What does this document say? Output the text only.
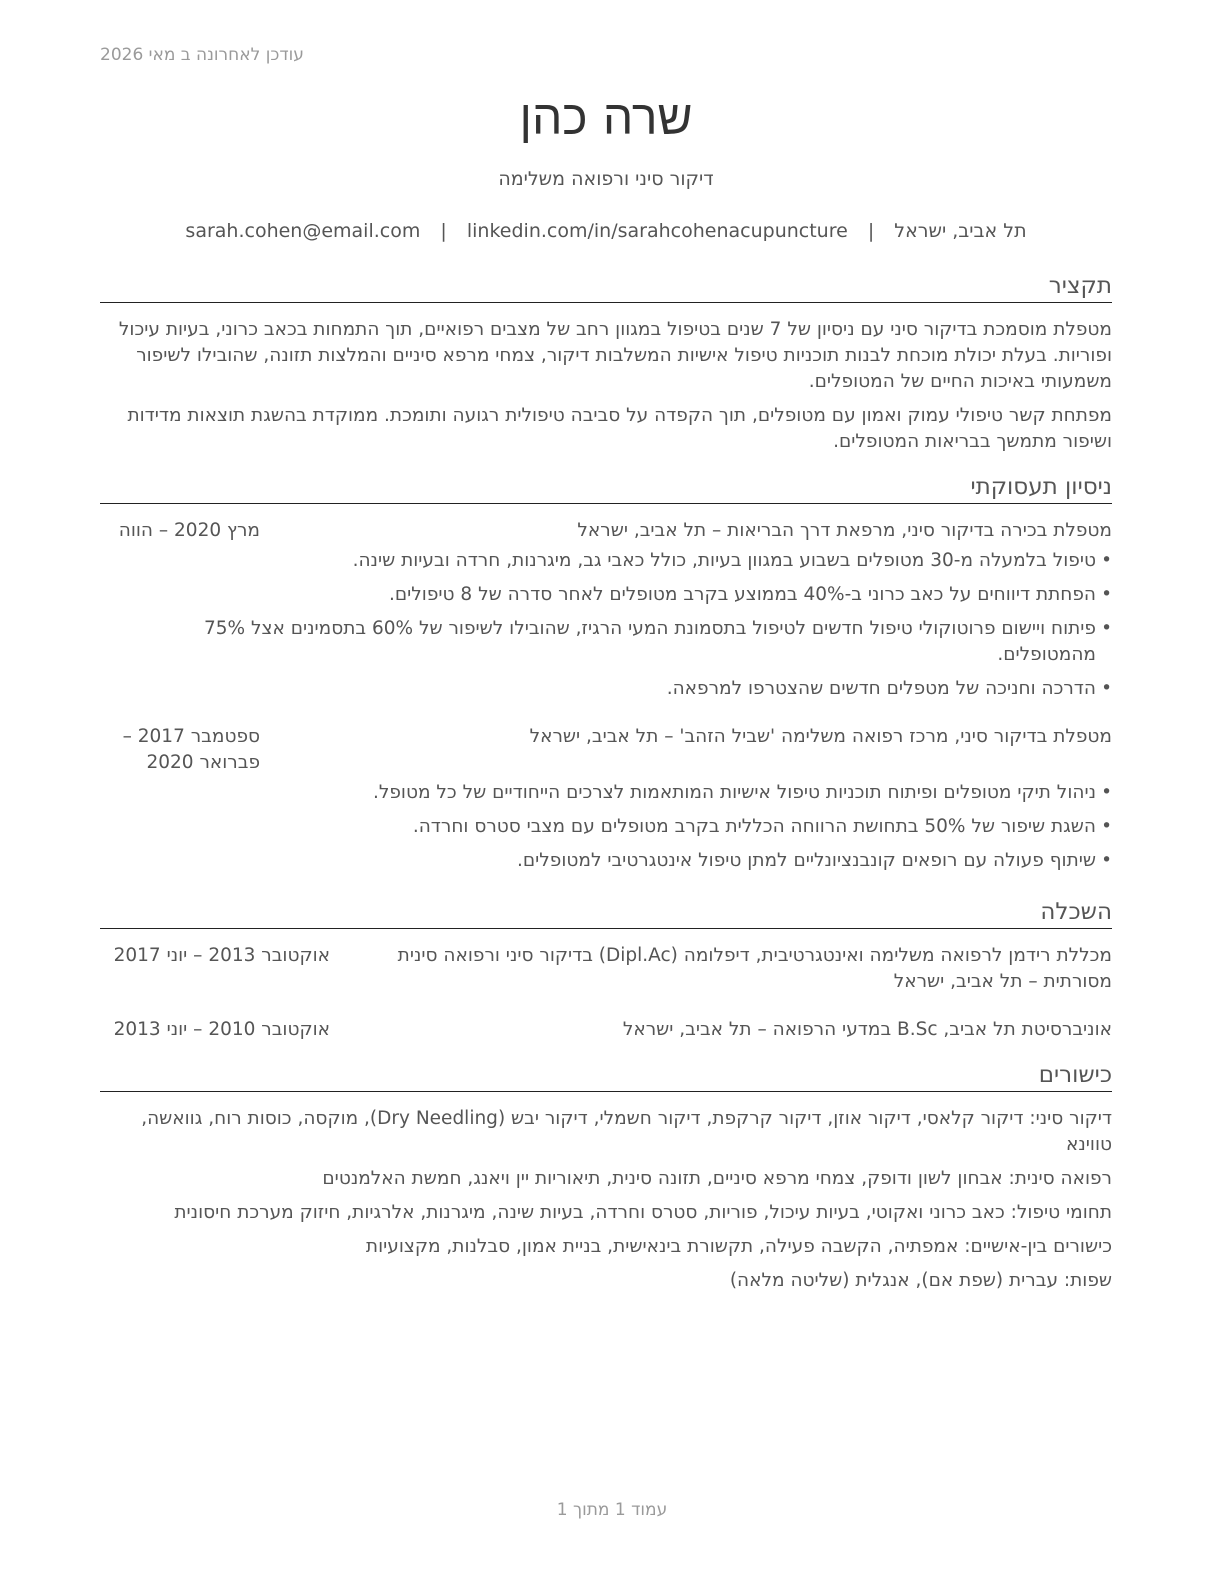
עודכן לאחרונה ב מאי 2026
שרה כהן
דיקור סיני ורפואה משלימה
תל אביב, ישראל | sarah.cohen@email.com | linkedin.com/in/sarahcohenacupuncture
תקציר

מטפלת מוסמכת בדיקור סיני עם ניסיון של 7 שנים בטיפול במגוון רחב של מצבים רפואיים, תוך התמחות בכאב כרוני, בעיות עיכול ופוריות. בעלת יכולת מוכחת לבנות תוכניות טיפול אישיות המשלבות דיקור, צמחי מרפא סיניים והמלצות תזונה, שהובילו לשיפור משמעותי באיכות החיים של המטופלים.

מפתחת קשר טיפולי עמוק ואמון עם מטופלים, תוך הקפדה על סביבה טיפולית רגועה ותומכת. ממוקדת בהשגת תוצאות מדידות ושיפור מתמשך בבריאות המטופלים.

ניסיון תעסוקתי
מטפלת בכירה בדיקור סיני, מרפאת דרך הבריאות – תל אביב, ישראל
מרץ 2020 – הווה
• טיפול בלמעלה מ-30 מטופלים בשבוע במגוון בעיות, כולל כאבי גב, מיגרנות, חרדה ובעיות שינה.
• הפחתת דיווחים על כאב כרוני ב-40% בממוצע בקרב מטופלים לאחר סדרה של 8 טיפולים.
• פיתוח ויישום פרוטוקולי טיפול חדשים לטיפול בתסמונת המעי הרגיז, שהובילו לשיפור של 60% בתסמינים אצל 75% מהמטופלים.
• הדרכה וחניכה של מטפלים חדשים שהצטרפו למרפאה.
מטפלת בדיקור סיני, מרכז רפואה משלימה 'שביל הזהב' – תל אביב, ישראל
ספטמבר 2017 – פברואר 2020
• ניהול תיקי מטופלים ופיתוח תוכניות טיפול אישיות המותאמות לצרכים הייחודיים של כל מטופל.
• השגת שיפור של 50% בתחושת הרווחה הכללית בקרב מטופלים עם מצבי סטרס וחרדה.
• שיתוף פעולה עם רופאים קונבנציונליים למתן טיפול אינטגרטיבי למטופלים.
השכלה
מכללת רידמן לרפואה משלימה ואינטגרטיבית, דיפלומה (Dipl.Ac) בדיקור סיני ורפואה סינית מסורתית – תל אביב, ישראל
אוקטובר 2013 – יוני 2017
אוניברסיטת תל אביב, B.Sc במדעי הרפואה – תל אביב, ישראל
אוקטובר 2010 – יוני 2013
כישורים
דיקור סיני: דיקור קלאסי, דיקור אוזן, דיקור קרקפת, דיקור חשמלי, דיקור יבש (Dry Needling), מוקסה, כוסות רוח, גוואשה, טווינא
רפואה סינית: אבחון לשון ודופק, צמחי מרפא סיניים, תזונה סינית, תיאוריות יין ויאנג, חמשת האלמנטים
תחומי טיפול: כאב כרוני ואקוטי, בעיות עיכול, פוריות, סטרס וחרדה, בעיות שינה, מיגרנות, אלרגיות, חיזוק מערכת חיסונית
כישורים בין-אישיים: אמפתיה, הקשבה פעילה, תקשורת בינאישית, בניית אמון, סבלנות, מקצועיות
שפות: עברית (שפת אם), אנגלית (שליטה מלאה)
עמוד 1 מתוך 1
